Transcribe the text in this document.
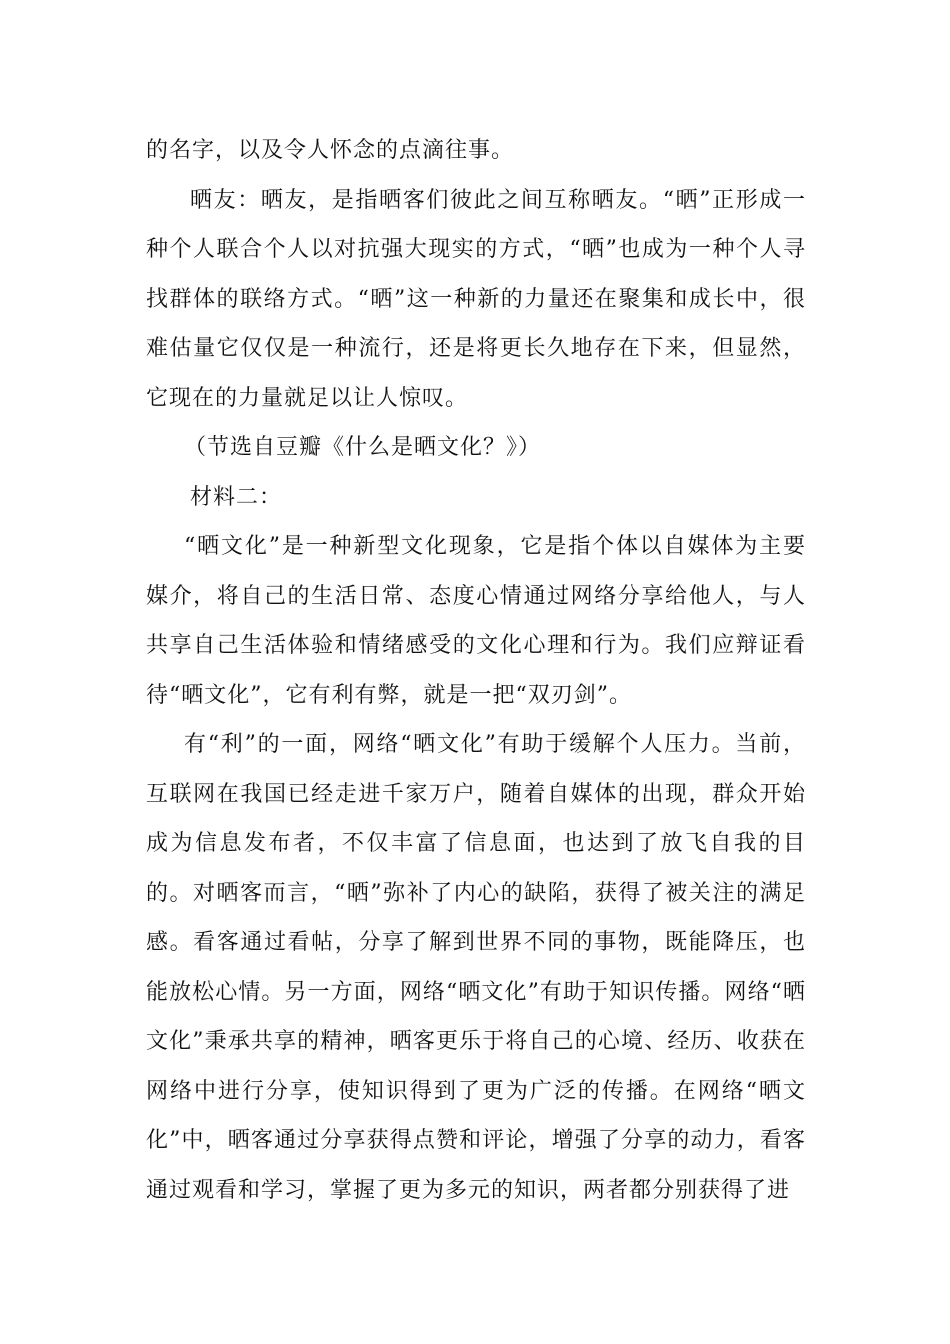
的名字，以及令人怀念的点滴往事。

晒友：晒友，是指晒客们彼此之间互称晒友。“晒”正形成一种个人联合个人以对抗强大现实的方式，“晒”也成为一种个人寻找群体的联络方式。“晒”这一种新的力量还在聚集和成长中，很难估量它仅仅是一种流行，还是将更长久地存在下来，但显然，它现在的力量就足以让人惊叹。

（节选自豆瓣《什么是晒文化？》）

材料二：

“晒文化”是一种新型文化现象，它是指个体以自媒体为主要媒介，将自己的生活日常、态度心情通过网络分享给他人，与人共享自己生活体验和情绪感受的文化心理和行为。我们应辩证看待“晒文化”，它有利有弊，就是一把“双刃剑”。

有“利”的一面，网络“晒文化”有助于缓解个人压力。当前，互联网在我国已经走进千家万户，随着自媒体的出现，群众开始成为信息发布者，不仅丰富了信息面，也达到了放飞自我的目的。对晒客而言，“晒”弥补了内心的缺陷，获得了被关注的满足感。看客通过看帖，分享了解到世界不同的事物，既能降压，也能放松心情。另一方面，网络“晒文化”有助于知识传播。网络“晒文化”秉承共享的精神，晒客更乐于将自己的心境、经历、收获在网络中进行分享，使知识得到了更为广泛的传播。在网络“晒文化”中，晒客通过分享获得点赞和评论，增强了分享的动力，看客通过观看和学习，掌握了更为多元的知识，两者都分别获得了进
